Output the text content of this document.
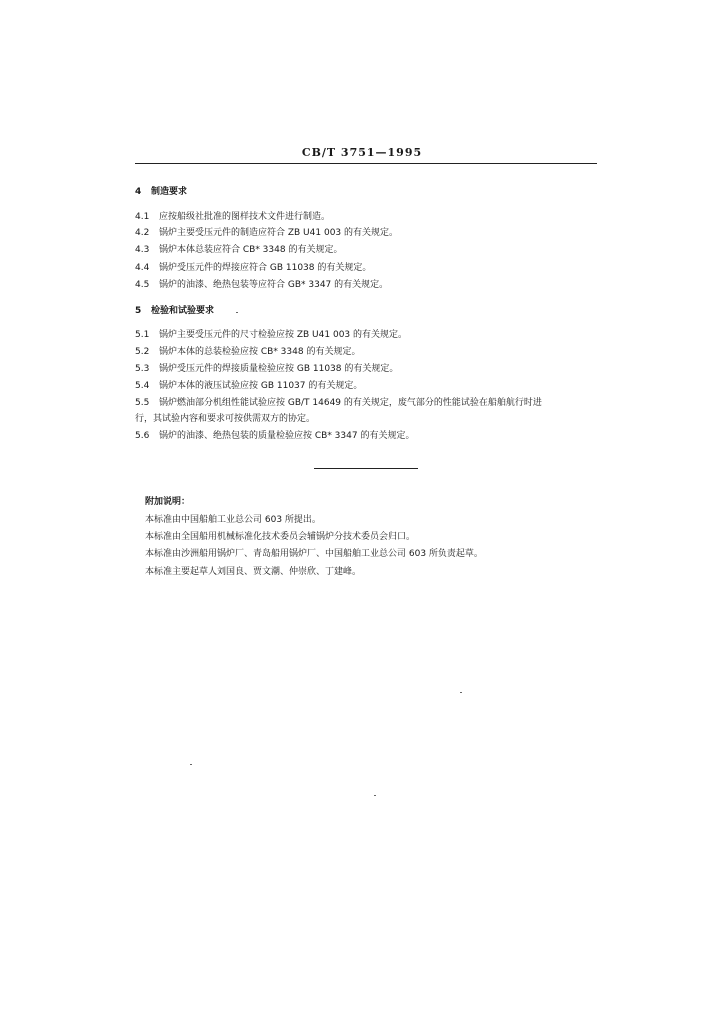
CB/T 3751—1995
4 制造要求
4.1 应按船级社批准的图样技术文件进行制造。
4.2 锅炉主要受压元件的制造应符合 ZB U41 003 的有关规定。
4.3 锅炉本体总装应符合 CB* 3348 的有关规定。
4.4 锅炉受压元件的焊接应符合 GB 11038 的有关规定。
4.5 锅炉的油漆、绝热包装等应符合 GB* 3347 的有关规定。
5 检验和试验要求
5.1 锅炉主要受压元件的尺寸检验应按 ZB U41 003 的有关规定。
5.2 锅炉本体的总装检验应按 CB* 3348 的有关规定。
5.3 锅炉受压元件的焊接质量检验应按 GB 11038 的有关规定。
5.4 锅炉本体的液压试验应按 GB 11037 的有关规定。
5.5 锅炉燃油部分机组性能试验应按 GB/T 14649 的有关规定，废气部分的性能试验在船舶航行时进
行，其试验内容和要求可按供需双方的协定。
5.6 锅炉的油漆、绝热包装的质量检验应按 CB* 3347 的有关规定。
附加说明：
本标准由中国船舶工业总公司 603 所提出。
本标准由全国船用机械标准化技术委员会辅锅炉分技术委员会归口。
本标准由沙洲船用锅炉厂、青岛船用锅炉厂、中国船舶工业总公司 603 所负责起草。
本标准主要起草人刘国良、贾文潮、仲崇欣、丁建峰。
